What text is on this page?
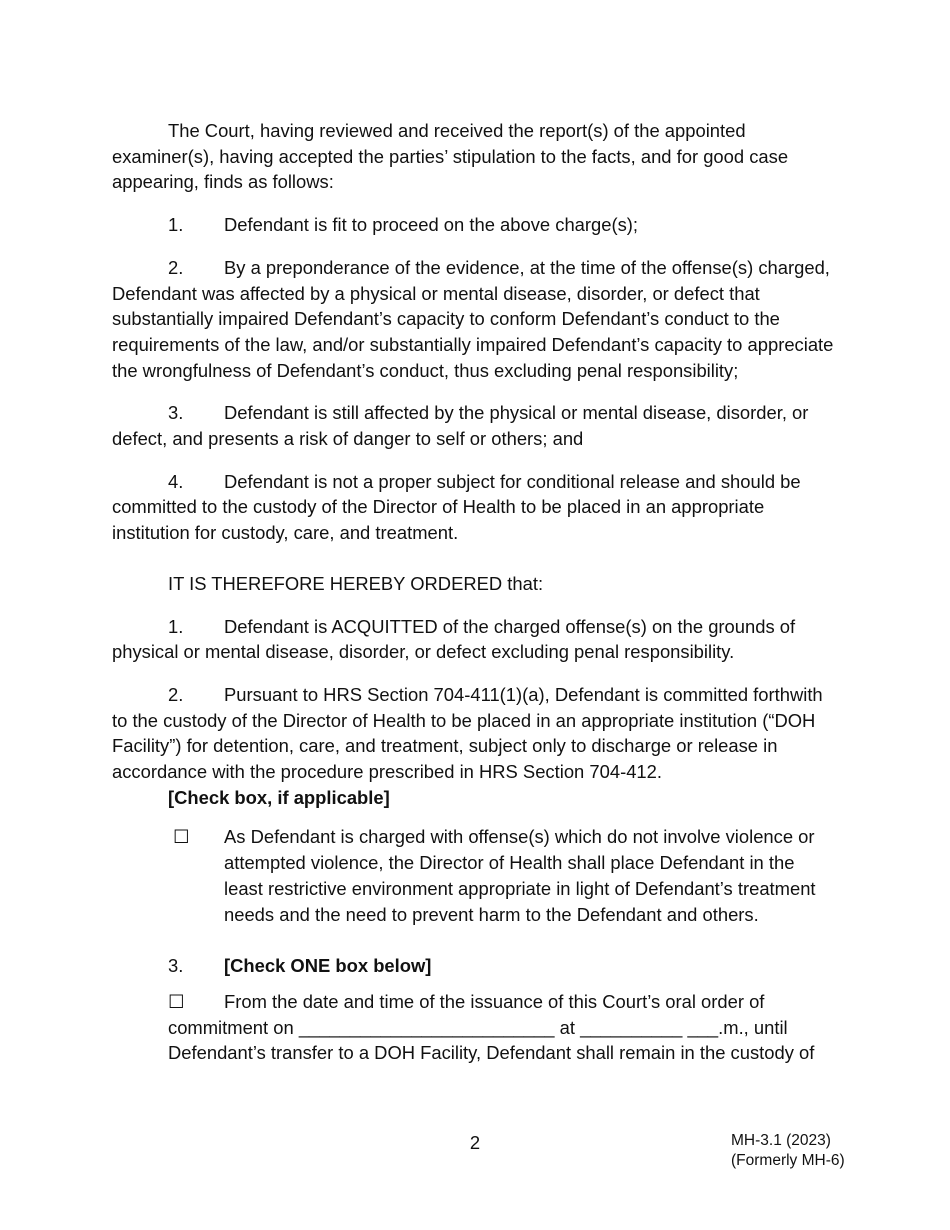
The Court, having reviewed and received the report(s) of the appointed examiner(s), having accepted the parties’ stipulation to the facts, and for good case appearing, finds as follows:

1. Defendant is fit to proceed on the above charge(s);

2. By a preponderance of the evidence, at the time of the offense(s) charged, Defendant was affected by a physical or mental disease, disorder, or defect that substantially impaired Defendant’s capacity to conform Defendant’s conduct to the requirements of the law, and/or substantially impaired Defendant’s capacity to appreciate the wrongfulness of Defendant’s conduct, thus excluding penal responsibility;

3. Defendant is still affected by the physical or mental disease, disorder, or defect, and presents a risk of danger to self or others; and

4. Defendant is not a proper subject for conditional release and should be committed to the custody of the Director of Health to be placed in an appropriate institution for custody, care, and treatment.

IT IS THEREFORE HEREBY ORDERED that:

1. Defendant is ACQUITTED of the charged offense(s) on the grounds of physical or mental disease, disorder, or defect excluding penal responsibility.

2. Pursuant to HRS Section 704-411(1)(a), Defendant is committed forthwith to the custody of the Director of Health to be placed in an appropriate institution (“DOH Facility”) for detention, care, and treatment, subject only to discharge or release in accordance with the procedure prescribed in HRS Section 704-412.

[Check box, if applicable]

☐ As Defendant is charged with offense(s) which do not involve violence or attempted violence, the Director of Health shall place Defendant in the least restrictive environment appropriate in light of Defendant’s treatment needs and the need to prevent harm to the Defendant and others.

3. [Check ONE box below]

☐ From the date and time of the issuance of this Court’s oral order of commitment on _________________________ at __________ ___.m., until Defendant’s transfer to a DOH Facility, Defendant shall remain in the custody of

2	MH-3.1 (2023)
(Formerly MH-6)
